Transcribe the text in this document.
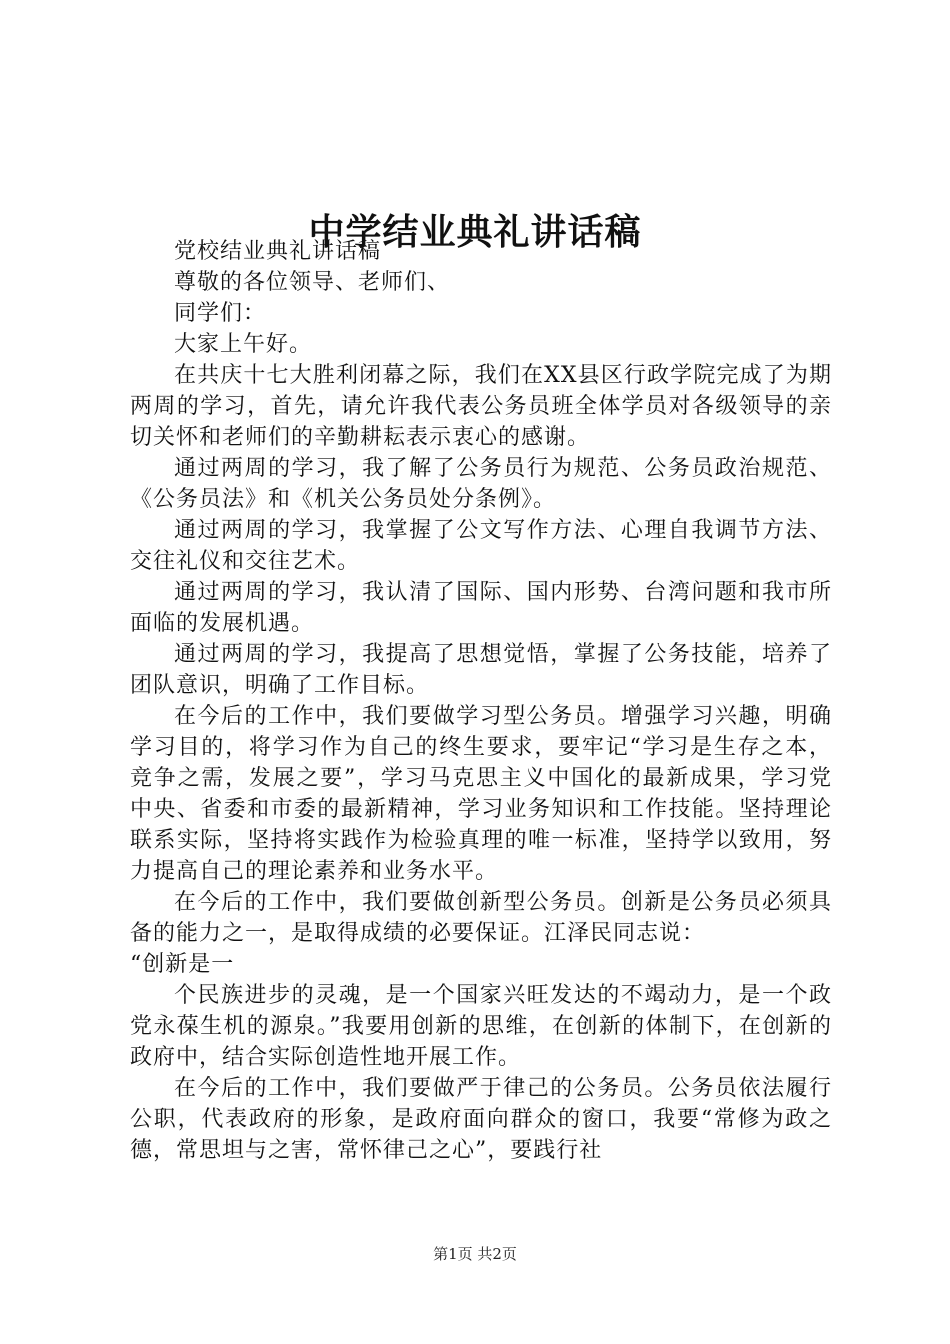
中学结业典礼讲话稿

党校结业典礼讲话稿

尊敬的各位领导、老师们、

同学们：

大家上午好。

在共庆十七大胜利闭幕之际，我们在XX县区行政学院完成了为期两周的学习，首先，请允许我代表公务员班全体学员对各级领导的亲切关怀和老师们的辛勤耕耘表示衷心的感谢。

通过两周的学习，我了解了公务员行为规范、公务员政治规范、《公务员法》和《机关公务员处分条例》。

通过两周的学习，我掌握了公文写作方法、心理自我调节方法、交往礼仪和交往艺术。

通过两周的学习，我认清了国际、国内形势、台湾问题和我市所面临的发展机遇。

通过两周的学习，我提高了思想觉悟，掌握了公务技能，培养了团队意识，明确了工作目标。

在今后的工作中，我们要做学习型公务员。增强学习兴趣，明确学习目的，将学习作为自己的终生要求，要牢记“学习是生存之本，竞争之需，发展之要”，学习马克思主义中国化的最新成果，学习党中央、省委和市委的最新精神，学习业务知识和工作技能。坚持理论联系实际，坚持将实践作为检验真理的唯一标准，坚持学以致用，努力提高自己的理论素养和业务水平。

在今后的工作中，我们要做创新型公务员。创新是公务员必须具备的能力之一，是取得成绩的必要保证。江泽民同志说：

“创新是一

个民族进步的灵魂，是一个国家兴旺发达的不竭动力，是一个政党永葆生机的源泉。”我要用创新的思维，在创新的体制下，在创新的政府中，结合实际创造性地开展工作。

在今后的工作中，我们要做严于律己的公务员。公务员依法履行公职，代表政府的形象，是政府面向群众的窗口，我要“常修为政之德，常思坦与之害，常怀律己之心”，要践行社

第1页 共2页
